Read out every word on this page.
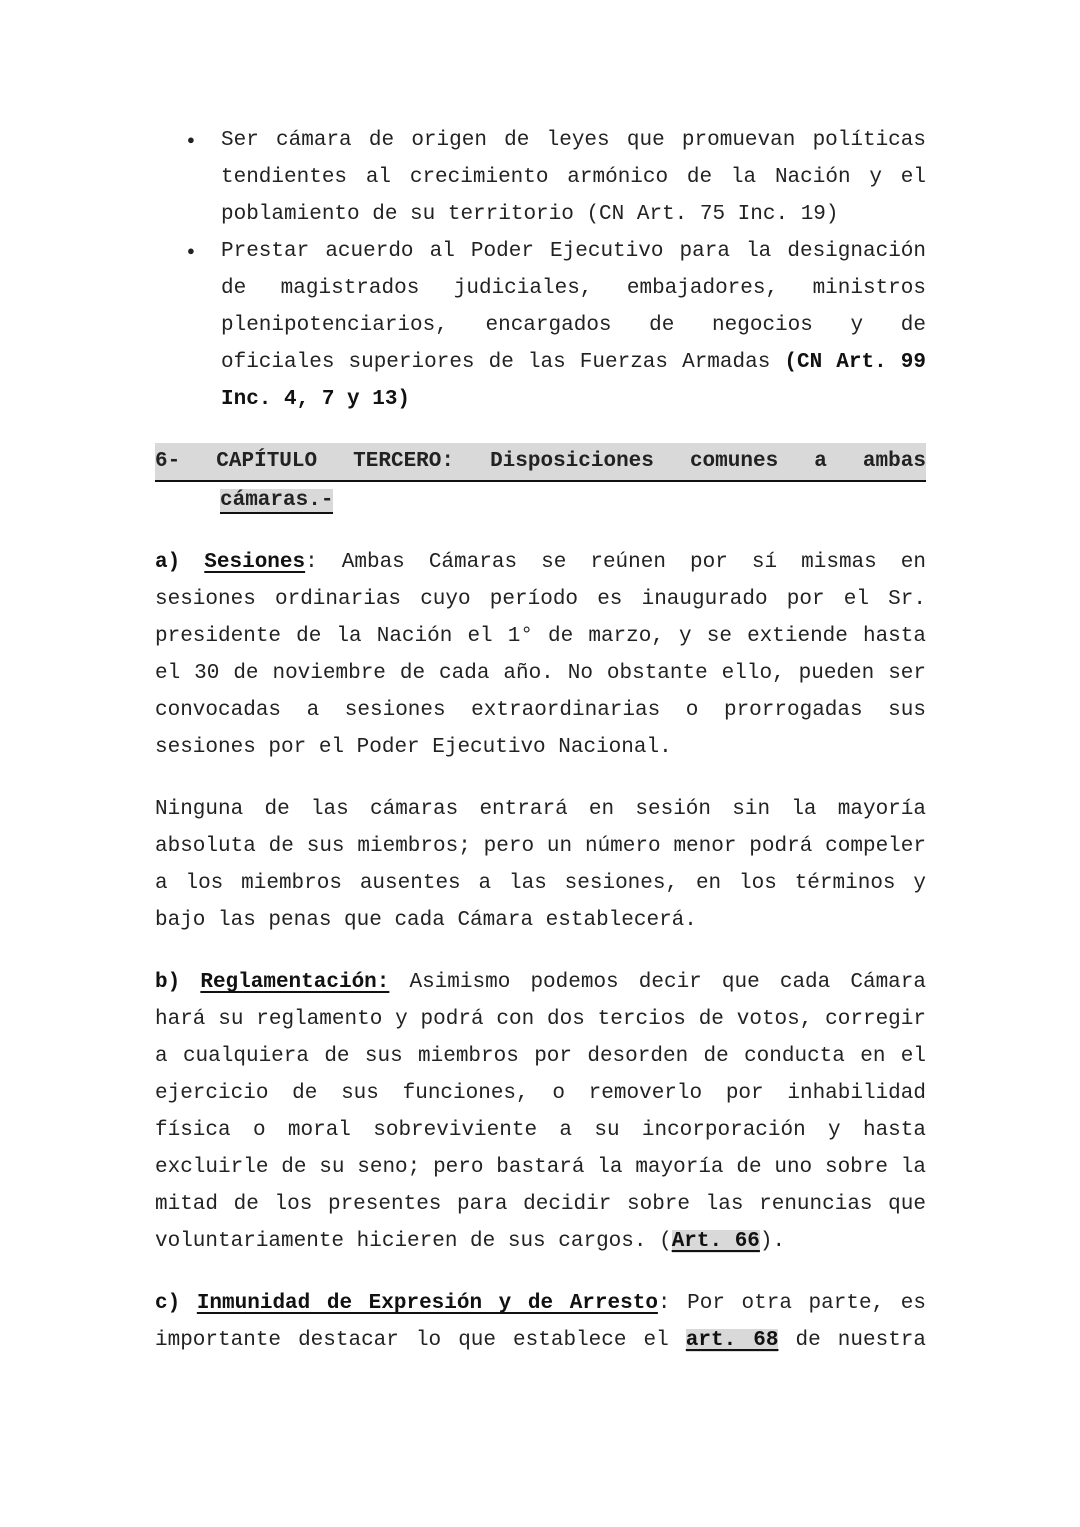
● Ser cámara de origen de leyes que promuevan políticas tendientes al crecimiento armónico de la Nación y el poblamiento de su territorio (CN Art. 75 Inc. 19)
● Prestar acuerdo al Poder Ejecutivo para la designación de magistrados judiciales, embajadores, ministros plenipotenciarios, encargados de negocios y de oficiales superiores de las Fuerzas Armadas (CN Art. 99 Inc. 4, 7 y 13)
6- CAPÍTULO TERCERO: Disposiciones comunes a ambas
cámaras.-

a) Sesiones: Ambas Cámaras se reúnen por sí mismas en sesiones ordinarias cuyo período es inaugurado por el Sr. presidente de la Nación el 1° de marzo, y se extiende hasta el 30 de noviembre de cada año. No obstante ello, pueden ser convocadas a sesiones extraordinarias o prorrogadas sus sesiones por el Poder Ejecutivo Nacional.

Ninguna de las cámaras entrará en sesión sin la mayoría absoluta de sus miembros; pero un número menor podrá compeler a los miembros ausentes a las sesiones, en los términos y bajo las penas que cada Cámara establecerá.

b) Reglamentación: Asimismo podemos decir que cada Cámara hará su reglamento y podrá con dos tercios de votos, corregir a cualquiera de sus miembros por desorden de conducta en el ejercicio de sus funciones, o removerlo por inhabilidad física o moral sobreviviente a su incorporación y hasta excluirle de su seno; pero bastará la mayoría de uno sobre la mitad de los presentes para decidir sobre las renuncias que voluntariamente hicieren de sus cargos. (Art. 66).

c) Inmunidad de Expresión y de Arresto: Por otra parte, es importante destacar lo que establece el art. 68 de nuestra
